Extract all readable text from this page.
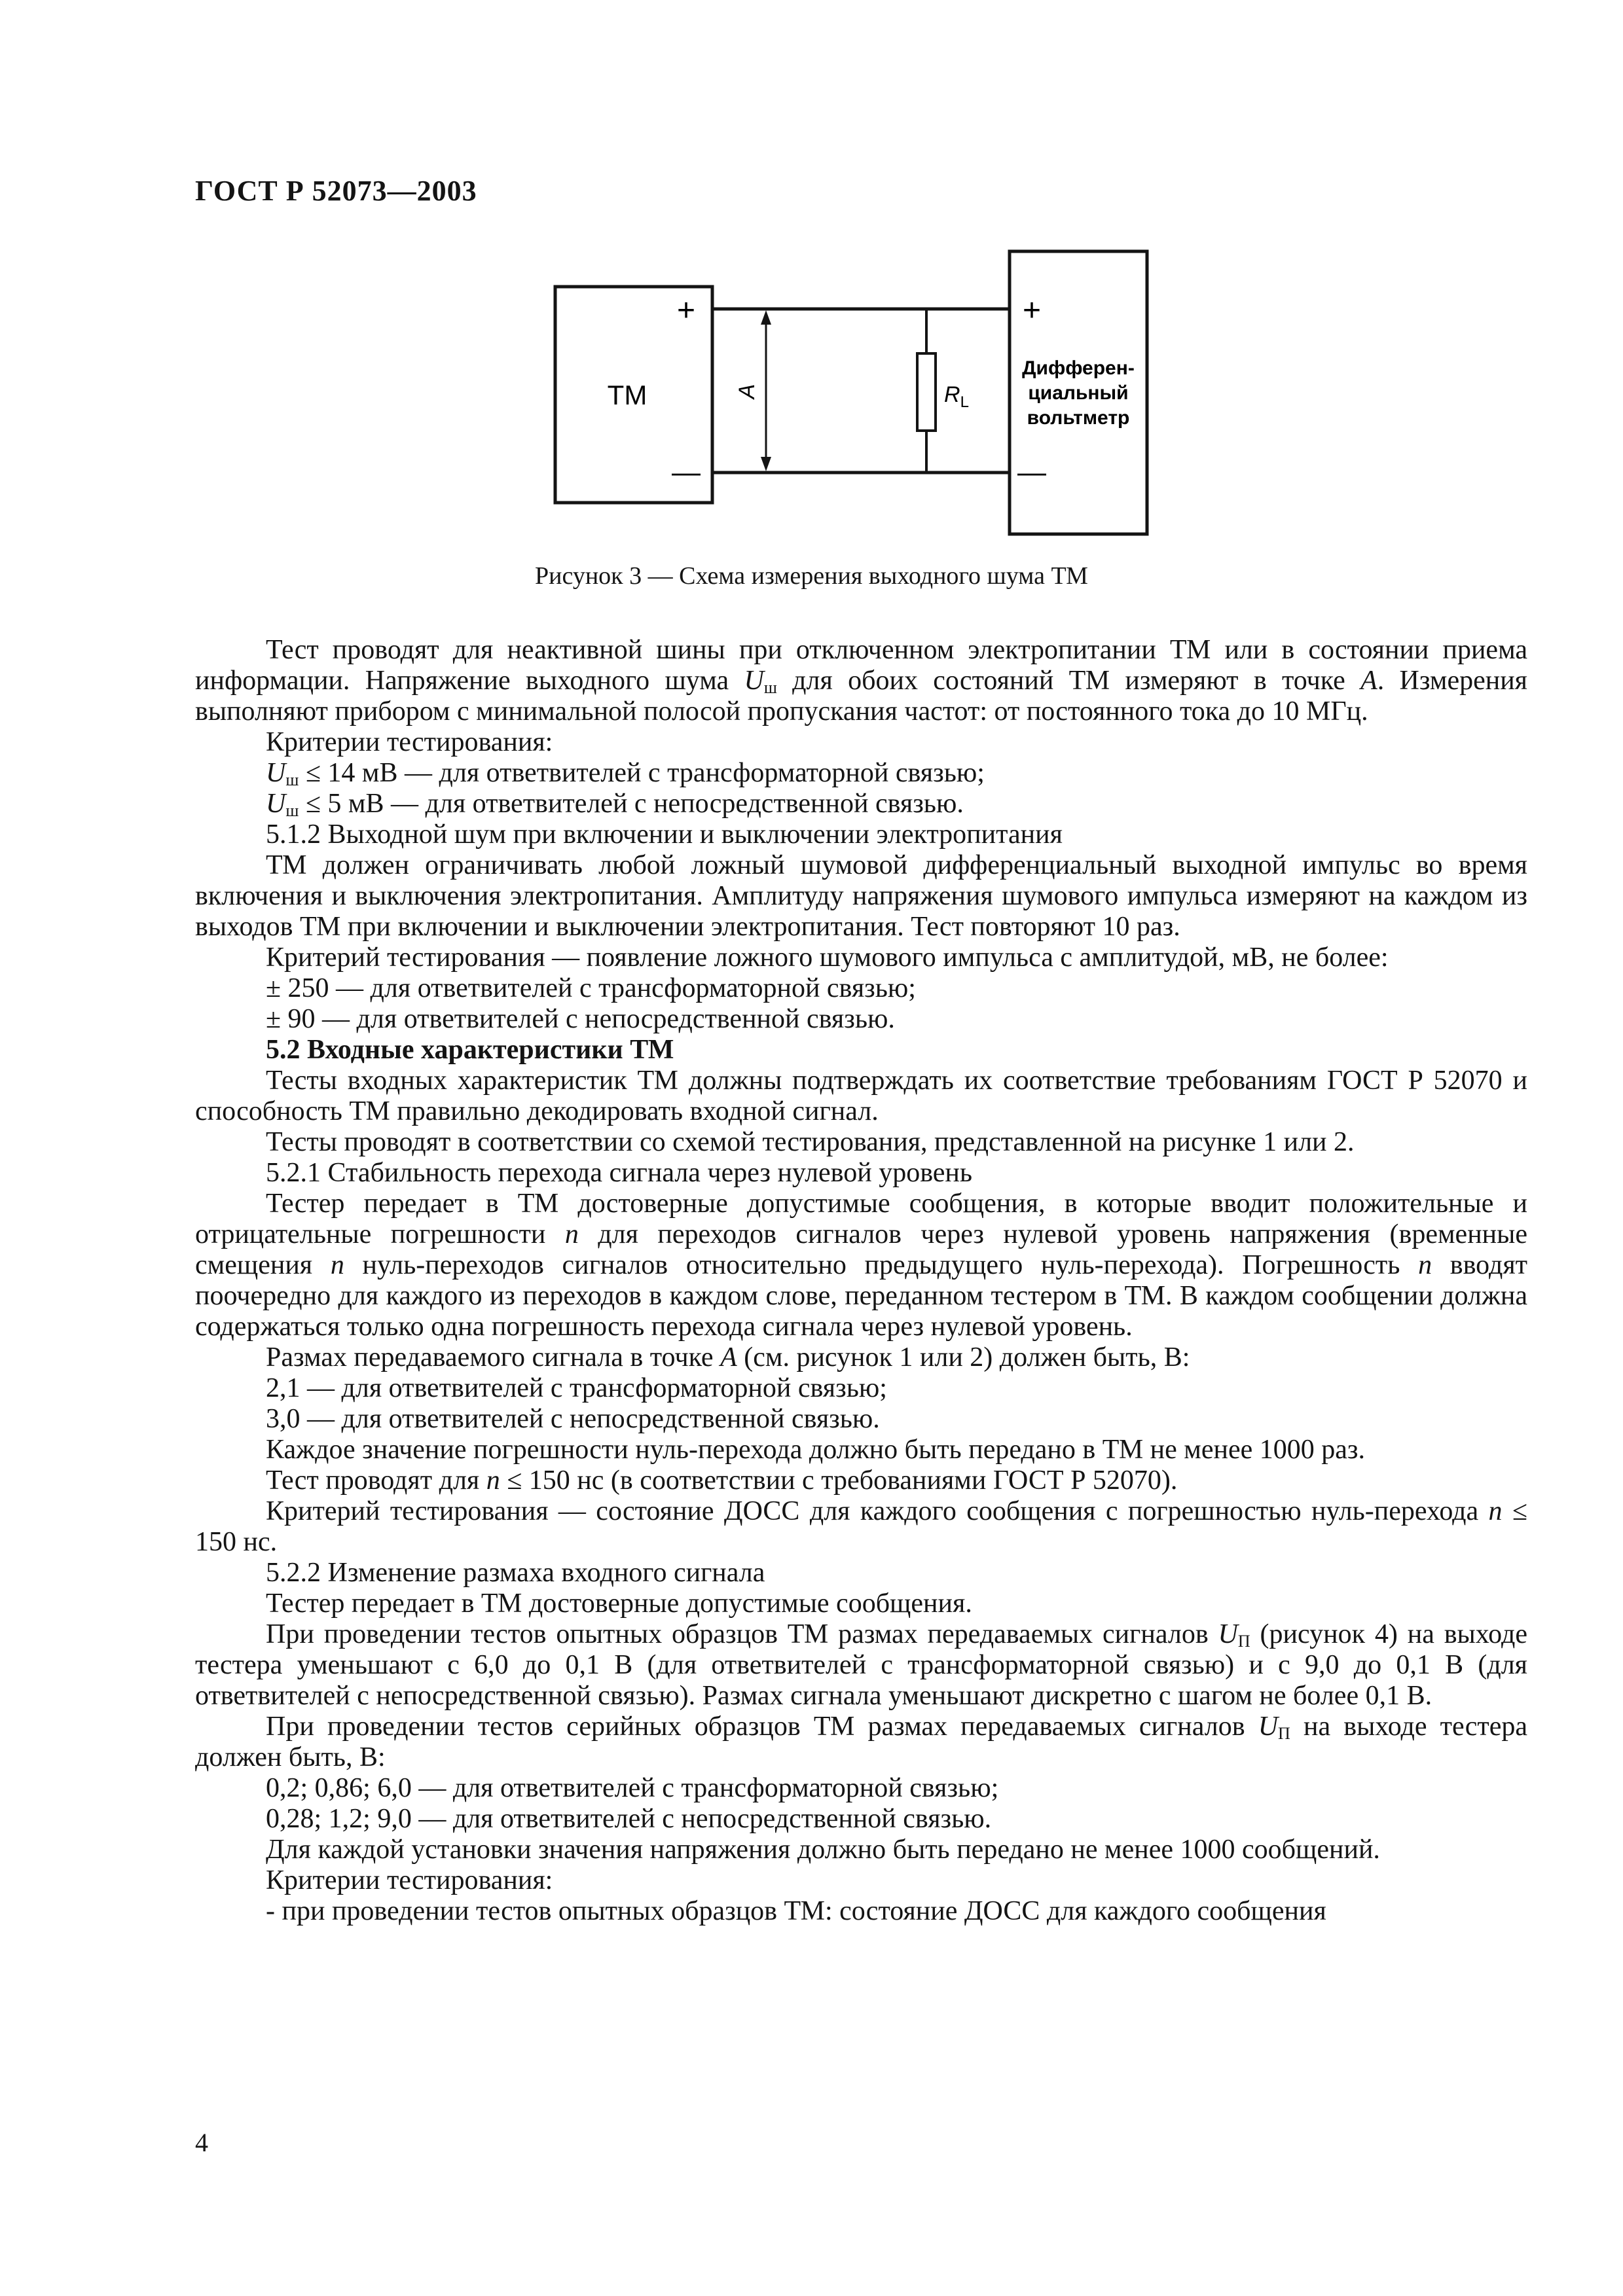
ГОСТ Р 52073—2003
ТМ
+
—
A	$R_L$
+
—
Дифферен-
циальный
вольтметр
Рисунок 3 — Схема измерения выходного шума ТМ

Тест проводят для неактивной шины при отключенном электропитании ТМ или в состоянии приема информации. Напряжение выходного шума $U_ш$ для обоих состояний ТМ измеряют в точке A. Измерения выполняют прибором с минимальной полосой пропускания частот: от постоянного тока до 10 МГц.

Критерии тестирования:

$U_ш \le 14$ мВ — для ответвителей с трансформаторной связью;

$U_ш \le 5$ мВ — для ответвителей с непосредственной связью.

5.1.2 Выходной шум при включении и выключении электропитания

ТМ должен ограничивать любой ложный шумовой дифференциальный выходной импульс во время включения и выключения электропитания. Амплитуду напряжения шумового импульса измеряют на каждом из выходов ТМ при включении и выключении электропитания. Тест повторяют 10 раз.

Критерий тестирования — появление ложного шумового импульса с амплитудой, мВ, не более:

± 250 — для ответвителей с трансформаторной связью;

± 90 — для ответвителей с непосредственной связью.

5.2 Входные характеристики ТМ

Тесты входных характеристик ТМ должны подтверждать их соответствие требованиям ГОСТ Р 52070 и способность ТМ правильно декодировать входной сигнал.

Тесты проводят в соответствии со схемой тестирования, представленной на рисунке 1 или 2.

5.2.1 Стабильность перехода сигнала через нулевой уровень

Тестер передает в ТМ достоверные допустимые сообщения, в которые вводит положительные и отрицательные погрешности n для переходов сигналов через нулевой уровень напряжения (временные смещения n нуль-переходов сигналов относительно предыдущего нуль-перехода). Погрешность n вводят поочередно для каждого из переходов в каждом слове, переданном тестером в ТМ. В каждом сообщении должна содержаться только одна погрешность перехода сигнала через нулевой уровень.

Размах передаваемого сигнала в точке A (см. рисунок 1 или 2) должен быть, В:

2,1 — для ответвителей с трансформаторной связью;

3,0 — для ответвителей с непосредственной связью.

Каждое значение погрешности нуль-перехода должно быть передано в ТМ не менее 1000 раз.

Тест проводят для n ≤ 150 нс (в соответствии с требованиями ГОСТ Р 52070).

Критерий тестирования — состояние ДОСС для каждого сообщения с погрешностью нуль-перехода n ≤ 150 нс.

5.2.2 Изменение размаха входного сигнала

Тестер передает в ТМ достоверные допустимые сообщения.

При проведении тестов опытных образцов ТМ размах передаваемых сигналов $U_П$ (рисунок 4) на выходе тестера уменьшают с 6,0 до 0,1 В (для ответвителей с трансформаторной связью) и с 9,0 до 0,1 В (для ответвителей с непосредственной связью). Размах сигнала уменьшают дискретно с шагом не более 0,1 В.

При проведении тестов серийных образцов ТМ размах передаваемых сигналов $U_П$ на выходе тестера должен быть, В:

0,2; 0,86; 6,0 — для ответвителей с трансформаторной связью;

0,28; 1,2; 9,0 — для ответвителей с непосредственной связью.

Для каждой установки значения напряжения должно быть передано не менее 1000 сообщений.

Критерии тестирования:

- при проведении тестов опытных образцов ТМ: состояние ДОСС для каждого сообщения

4
